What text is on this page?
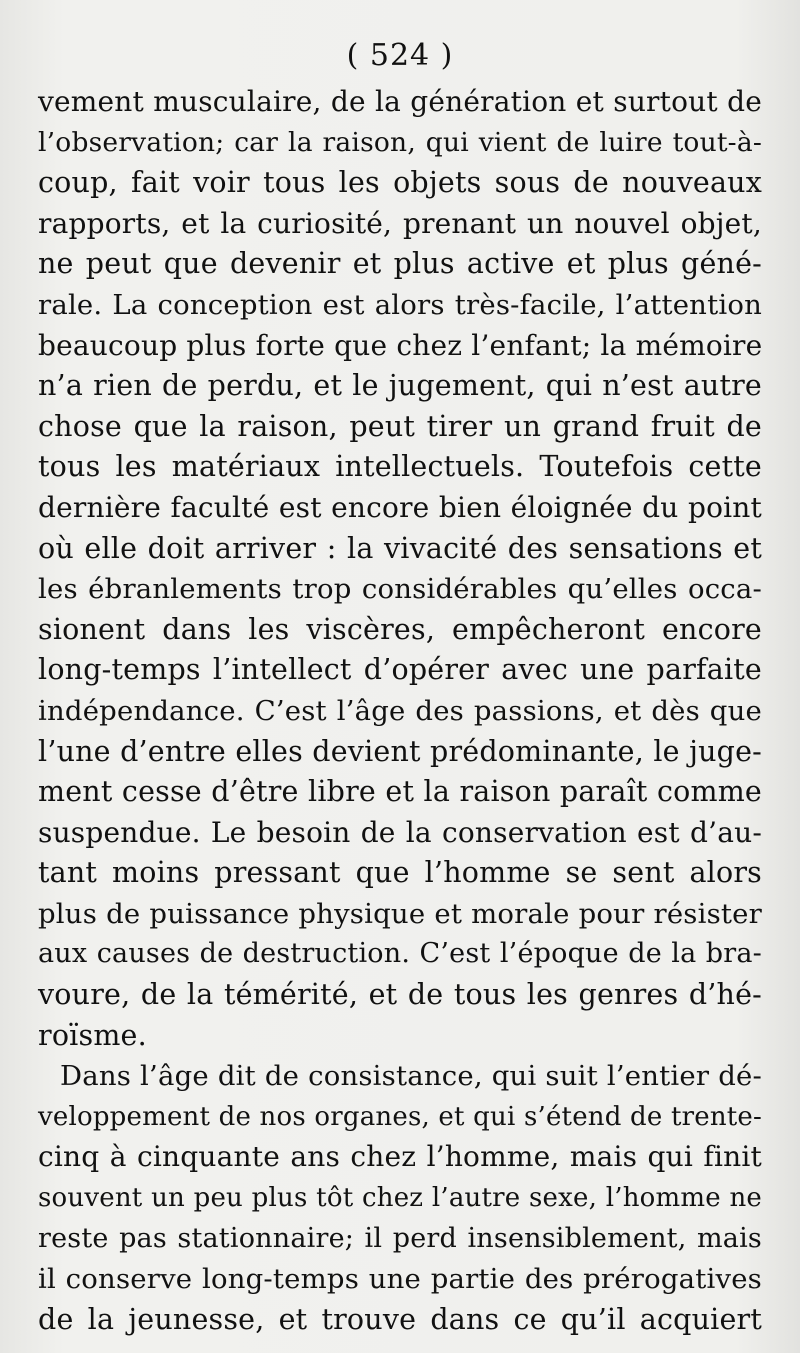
( 524 )
vement musculaire, de la génération et surtout de
l’observation; car la raison, qui vient de luire tout-à-
coup, fait voir tous les objets sous de nouveaux
rapports, et la curiosité, prenant un nouvel objet,
ne peut que devenir et plus active et plus géné-
rale. La conception est alors très-facile, l’attention
beaucoup plus forte que chez l’enfant; la mémoire
n’a rien de perdu, et le jugement, qui n’est autre
chose que la raison, peut tirer un grand fruit de
tous les matériaux intellectuels. Toutefois cette
dernière faculté est encore bien éloignée du point
où elle doit arriver : la vivacité des sensations et
les ébranlements trop considérables qu’elles occa-
sionent dans les viscères, empêcheront encore
long-temps l’intellect d’opérer avec une parfaite
indépendance. C’est l’âge des passions, et dès que
l’une d’entre elles devient prédominante, le juge-
ment cesse d’être libre et la raison paraît comme
suspendue. Le besoin de la conservation est d’au-
tant moins pressant que l’homme se sent alors
plus de puissance physique et morale pour résister
aux causes de destruction. C’est l’époque de la bra-
voure, de la témérité, et de tous les genres d’hé-
roïsme.
Dans l’âge dit de consistance, qui suit l’entier dé-
veloppement de nos organes, et qui s’étend de trente-
cinq à cinquante ans chez l’homme, mais qui finit
souvent un peu plus tôt chez l’autre sexe, l’homme ne
reste pas stationnaire; il perd insensiblement, mais
il conserve long-temps une partie des prérogatives
de la jeunesse, et trouve dans ce qu’il acquiert
